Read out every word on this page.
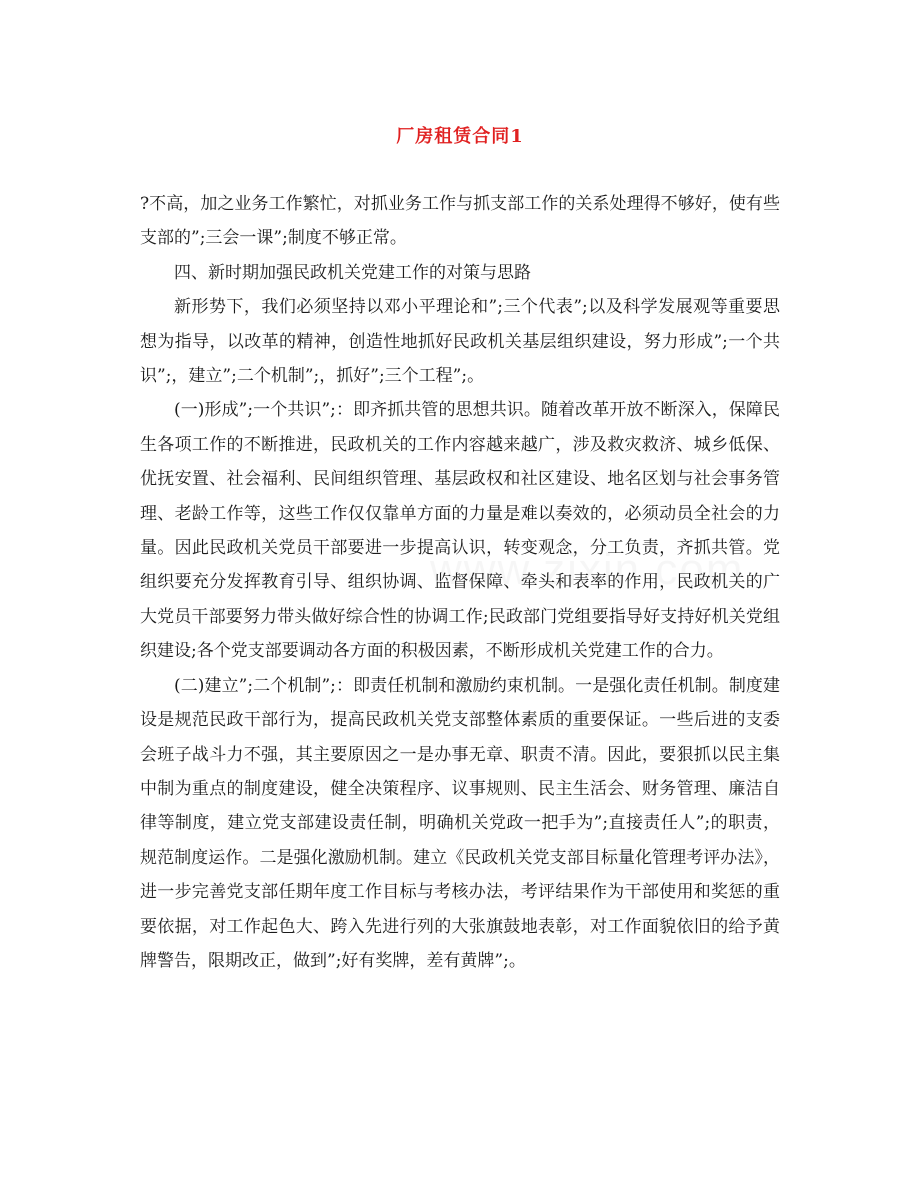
厂房租赁合同1

?不高，加之业务工作繁忙，对抓业务工作与抓支部工作的关系处理得不够好，使有些支部的”;三会一课”;制度不够正常。

四、新时期加强民政机关党建工作的对策与思路

新形势下，我们必须坚持以邓小平理论和”;三个代表”;以及科学发展观等重要思想为指导，以改革的精神，创造性地抓好民政机关基层组织建设，努力形成”;一个共识”;，建立”;二个机制”;，抓好”;三个工程”;。

(一)形成”;一个共识”;：即齐抓共管的思想共识。随着改革开放不断深入，保障民生各项工作的不断推进，民政机关的工作内容越来越广，涉及救灾救济、城乡低保、优抚安置、社会福利、民间组织管理、基层政权和社区建设、地名区划与社会事务管理、老龄工作等，这些工作仅仅靠单方面的力量是难以奏效的，必须动员全社会的力量。因此民政机关党员干部要进一步提高认识，转变观念，分工负责，齐抓共管。党组织要充分发挥教育引导、组织协调、监督保障、牵头和表率的作用，民政机关的广大党员干部要努力带头做好综合性的协调工作;民政部门党组要指导好支持好机关党组织建设;各个党支部要调动各方面的积极因素，不断形成机关党建工作的合力。

(二)建立”;二个机制”;：即责任机制和激励约束机制。一是强化责任机制。制度建设是规范民政干部行为，提高民政机关党支部整体素质的重要保证。一些后进的支委会班子战斗力不强，其主要原因之一是办事无章、职责不清。因此，要狠抓以民主集中制为重点的制度建设，健全决策程序、议事规则、民主生活会、财务管理、廉洁自律等制度，建立党支部建设责任制，明确机关党政一把手为”;直接责任人”;的职责，规范制度运作。二是强化激励机制。建立《民政机关党支部目标量化管理考评办法》，进一步完善党支部任期年度工作目标与考核办法，考评结果作为干部使用和奖惩的重要依据，对工作起色大、跨入先进行列的大张旗鼓地表彰，对工作面貌依旧的给予黄牌警告，限期改正，做到”;好有奖牌，差有黄牌”;。
